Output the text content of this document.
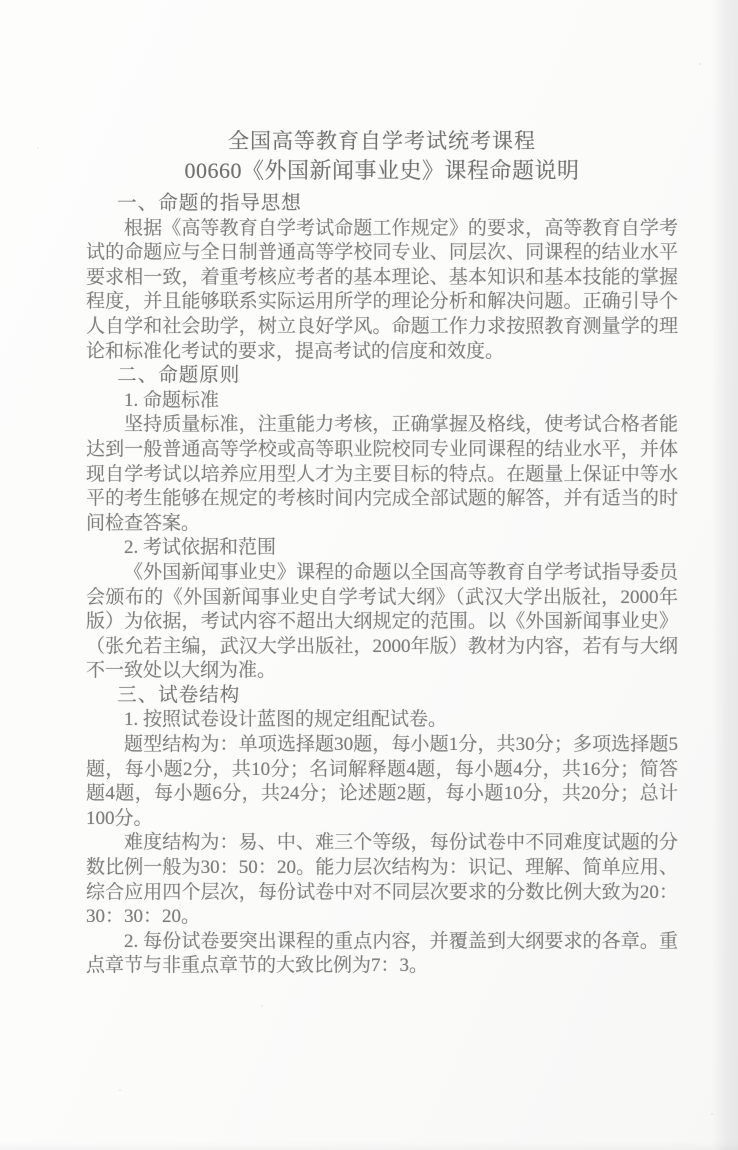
全国高等教育自学考试统考课程
00660《外国新闻事业史》课程命题说明
一、命题的指导思想
根据《高等教育自学考试命题工作规定》的要求，高等教育自学考试的命题应与全日制普通高等学校同专业、同层次、同课程的结业水平要求相一致，着重考核应考者的基本理论、基本知识和基本技能的掌握程度，并且能够联系实际运用所学的理论分析和解决问题。正确引导个人自学和社会助学，树立良好学风。命题工作力求按照教育测量学的理论和标准化考试的要求，提高考试的信度和效度。
二、命题原则
1. 命题标准
坚持质量标准，注重能力考核，正确掌握及格线，使考试合格者能达到一般普通高等学校或高等职业院校同专业同课程的结业水平，并体现自学考试以培养应用型人才为主要目标的特点。在题量上保证中等水平的考生能够在规定的考核时间内完成全部试题的解答，并有适当的时间检查答案。
2. 考试依据和范围
《外国新闻事业史》课程的命题以全国高等教育自学考试指导委员会颁布的《外国新闻事业史自学考试大纲》（武汉大学出版社，2000年版）为依据，考试内容不超出大纲规定的范围。以《外国新闻事业史》（张允若主编，武汉大学出版社，2000年版）教材为内容，若有与大纲不一致处以大纲为准。
三、试卷结构
1. 按照试卷设计蓝图的规定组配试卷。
题型结构为：单项选择题30题，每小题1分，共30分；多项选择题5题，每小题2分，共10分；名词解释题4题，每小题4分，共16分；简答题4题，每小题6分，共24分；论述题2题，每小题10分，共20分；总计100分。
难度结构为：易、中、难三个等级，每份试卷中不同难度试题的分数比例一般为30：50：20。能力层次结构为：识记、理解、简单应用、综合应用四个层次，每份试卷中对不同层次要求的分数比例大致为20：30：30：20。
2. 每份试卷要突出课程的重点内容，并覆盖到大纲要求的各章。重点章节与非重点章节的大致比例为7：3。
